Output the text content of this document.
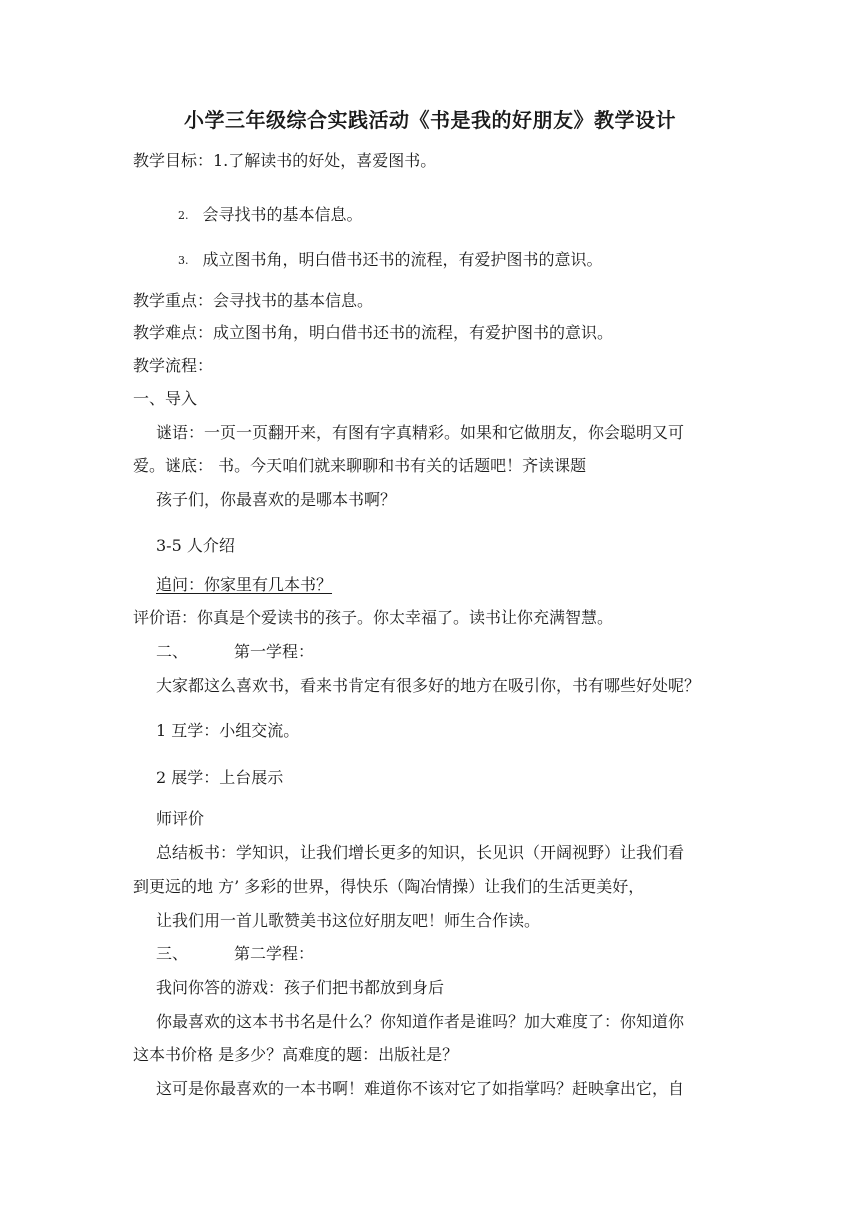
小学三年级综合实践活动《书是我的好朋友》教学设计
教学目标：1.了解读书的好处，喜爱图书。
2. 会寻找书的基本信息。
3. 成立图书角，明白借书还书的流程，有爱护图书的意识。
教学重点：会寻找书的基本信息。
教学难点：成立图书角，明白借书还书的流程，有爱护图书的意识。
教学流程：
一、导入
谜语：一页一页翻开来，有图有字真精彩。如果和它做朋友，你会聪明又可
爱。谜底： 书。今天咱们就来聊聊和书有关的话题吧！齐读课题
孩子们，你最喜欢的是哪本书啊？
3-5 人介绍
追问：你家里有几本书？
评价语：你真是个爱读书的孩子。你太幸福了。读书让你充满智慧。
二、	第一学程：
大家都这么喜欢书，看来书肯定有很多好的地方在吸引你，书有哪些好处呢？
1 互学：小组交流。
2 展学：上台展示
师评价
总结板书：学知识，让我们增长更多的知识，长见识（开阔视野）让我们看
到更远的地 方’ 多彩的世界，得快乐（陶冶情操）让我们的生活更美好，
让我们用一首儿歌赞美书这位好朋友吧！师生合作读。
三、	第二学程：
我问你答的游戏：孩子们把书都放到身后
你最喜欢的这本书书名是什么？你知道作者是谁吗？加大难度了：你知道你
这本书价格 是多少？高难度的题：出版社是？
这可是你最喜欢的一本书啊！难道你不该对它了如指掌吗？赶映拿出它，自
